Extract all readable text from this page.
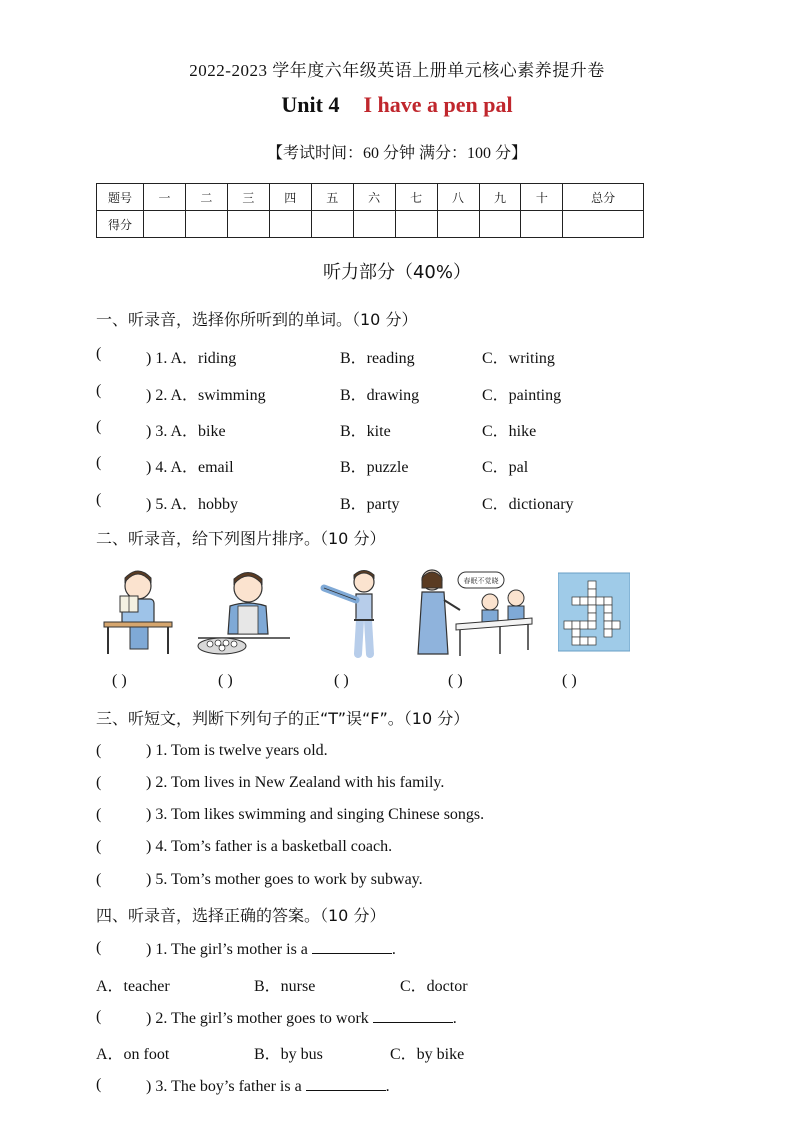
2022-2023 学年度六年级英语上册单元核心素养提升卷
Unit 4 I have a pen pal
【考试时间：60 分钟 满分：100 分】
题号	一	二	三	四	五	六	七	八	九	十	总分
得分											
听力部分（40%）
一、听录音，选择你所听到的单词。（10 分）
(	) 1. A．riding	B．reading	C．writing
(	) 2. A．swimming	B．drawing	C．painting
(	) 3. A．bike	B．kite	C．hike
(	) 4. A．email	B．puzzle	C．pal
(	) 5. A．hobby	B．party	C．dictionary
二、听录音，给下列图片排序。（10 分）
春眠不觉晓
( )	( )	( )	( )	( )
三、听短文，判断下列句子的正“T”误“F”。（10 分）
(	) 1. Tom is twelve years old.
(	) 2. Tom lives in New Zealand with his family.
(	) 3. Tom likes swimming and singing Chinese songs.
(	) 4. Tom’s father is a basketball coach.
(	) 5. Tom’s mother goes to work by subway.
四、听录音，选择正确的答案。（10 分）
(	) 1. The girl’s mother is a	.
A．teacher	B．nurse	C．doctor
(	) 2. The girl’s mother goes to work	.
A．on foot	B．by bus	C．by bike
(	) 3. The boy’s father is a	.
